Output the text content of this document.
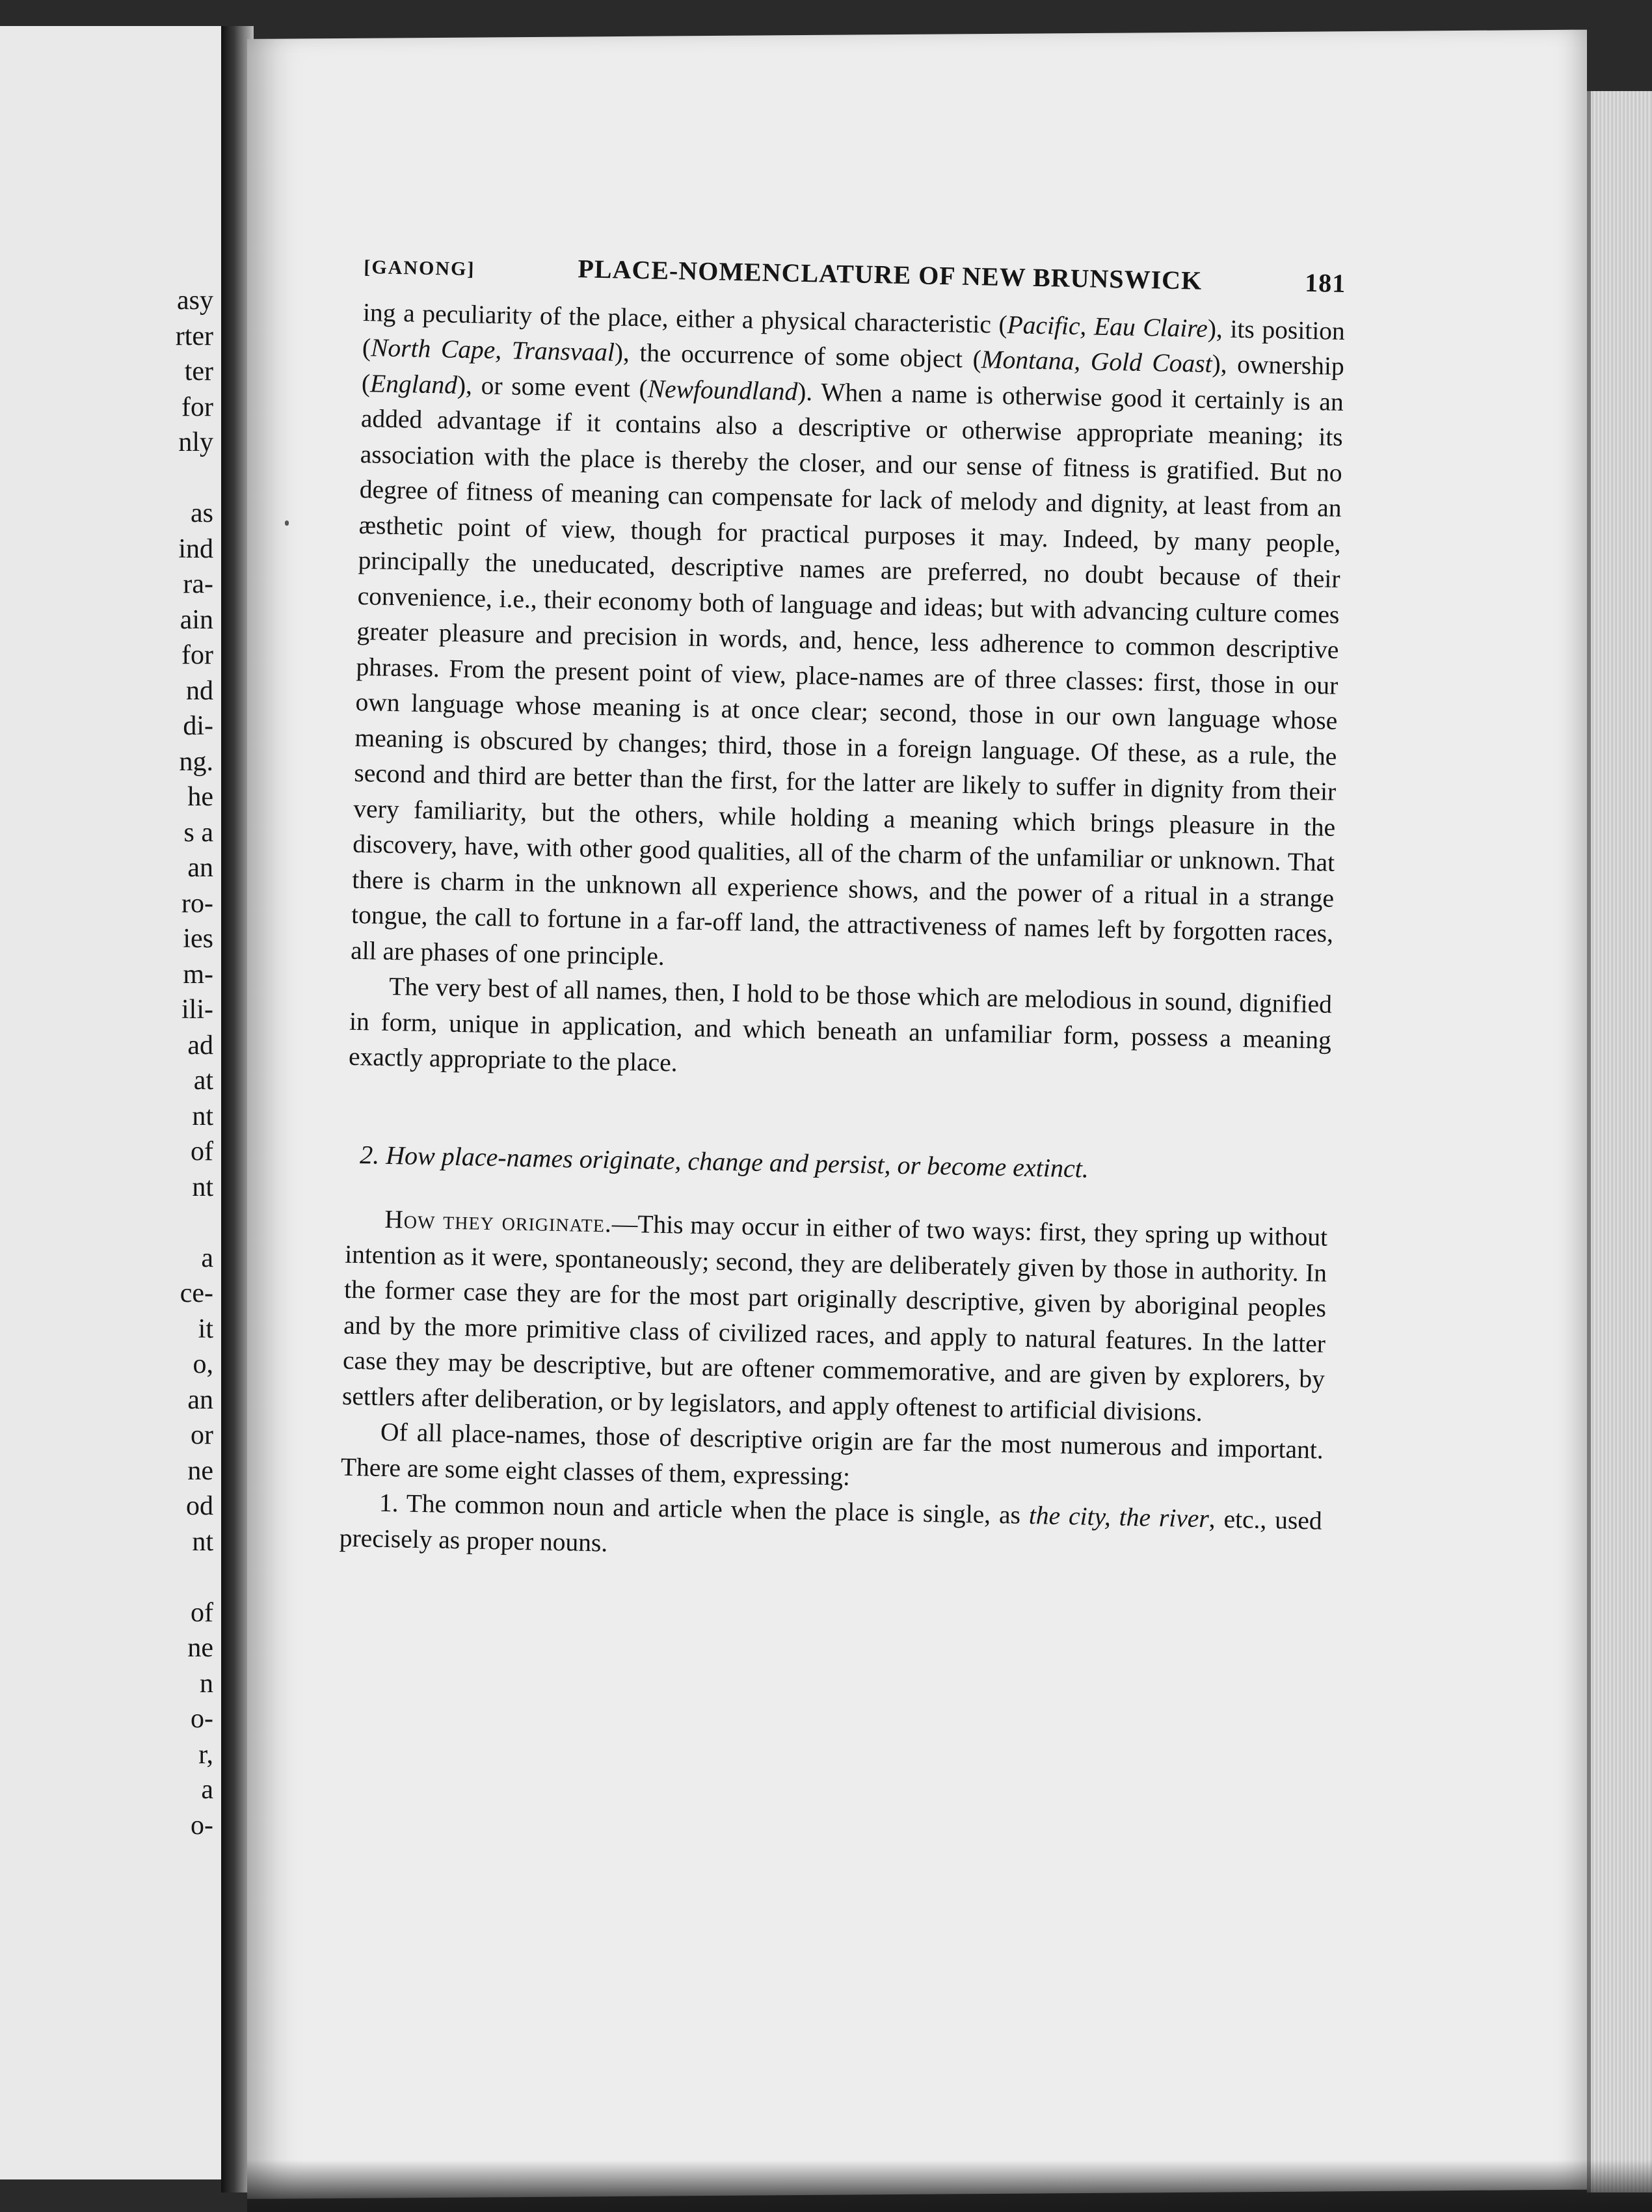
asy
rter
ter
for
nly
as
ind
ra-
ain
for
nd
di-
ng.
he
s a
an
ro-
ies
m-
ili-
ad
at
nt
of
nt
a
ce-
it
o,
an
or
ne
od
nt
of
ne
n
o-
r,
a
o-
[GANONG]	PLACE-NOMENCLATURE OF NEW BRUNSWICK	181

ing a peculiarity of the place, either a physical characteristic (Pacific, Eau Claire), its position (North Cape, Transvaal), the occurrence of some object (Montana, Gold Coast), ownership (England), or some event (Newfoundland). When a name is otherwise good it certainly is an added advantage if it contains also a descriptive or otherwise appropriate meaning; its association with the place is thereby the closer, and our sense of fitness is gratified. But no degree of fitness of meaning can compensate for lack of melody and dignity, at least from an æsthetic point of view, though for practical purposes it may. Indeed, by many people, principally the uneducated, descriptive names are preferred, no doubt because of their convenience, i.e., their economy both of language and ideas; but with advancing culture comes greater pleasure and precision in words, and, hence, less adherence to common descriptive phrases. From the present point of view, place-names are of three classes: first, those in our own language whose meaning is at once clear; second, those in our own language whose meaning is obscured by changes; third, those in a foreign language. Of these, as a rule, the second and third are better than the first, for the latter are likely to suffer in dignity from their very familiarity, but the others, while holding a meaning which brings pleasure in the discovery, have, with other good qualities, all of the charm of the unfamiliar or unknown. That there is charm in the unknown all experience shows, and the power of a ritual in a strange tongue, the call to fortune in a far-off land, the attractiveness of names left by forgotten races, all are phases of one principle.

The very best of all names, then, I hold to be those which are melodious in sound, dignified in form, unique in application, and which beneath an unfamiliar form, possess a meaning exactly appropriate to the place.

2. How place-names originate, change and persist, or become extinct.

How they originate.—This may occur in either of two ways: first, they spring up without intention as it were, spontaneously; second, they are deliberately given by those in authority. In the former case they are for the most part originally descriptive, given by aboriginal peoples and by the more primitive class of civilized races, and apply to natural features. In the latter case they may be descriptive, but are oftener commemorative, and are given by explorers, by settlers after deliberation, or by legislators, and apply oftenest to artificial divisions.

Of all place-names, those of descriptive origin are far the most numerous and important. There are some eight classes of them, expressing:

1. The common noun and article when the place is single, as the city, the river, etc., used precisely as proper nouns.
